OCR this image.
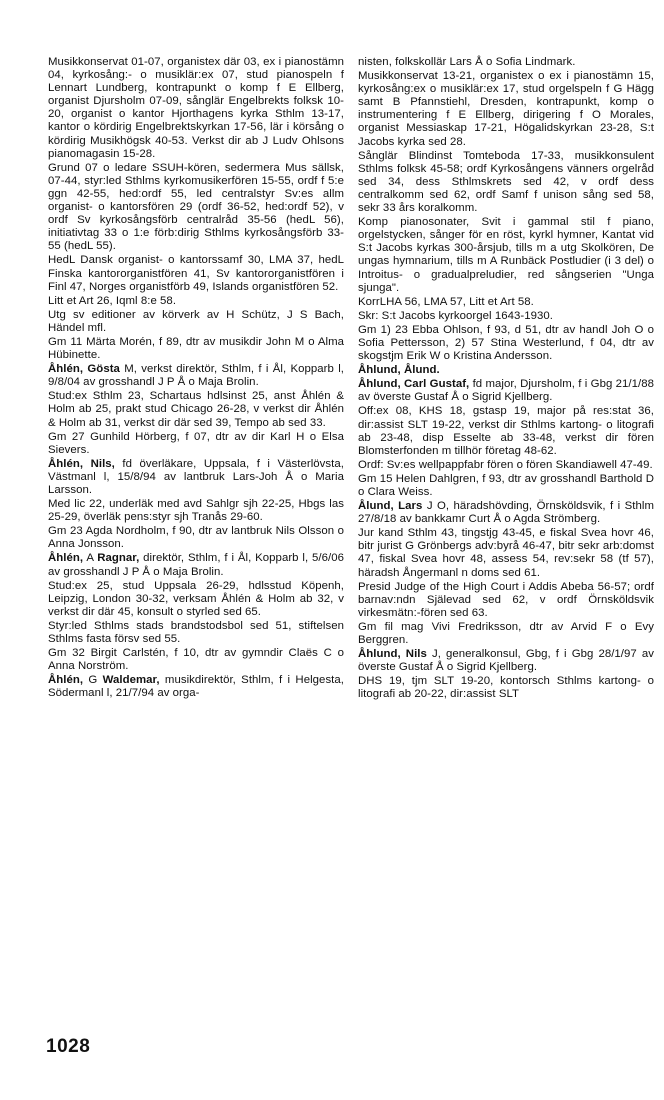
Musikkonservat 01-07, organistex där 03, ex i pianostämn 04, kyrkosång:- o musiklär:ex 07, stud pianospeln f Lennart Lundberg, kontrapunkt o komp f E Ellberg, organist Djursholm 07-09, sånglär Engelbrekts folksk 10-20, organist o kantor Hjorthagens kyrka Sthlm 13-17, kantor o kördirig Engelbrektskyrkan 17-56, lär i körsång o kördirig Musikhögsk 40-53. Verkst dir ab J Ludv Ohlsons pianomagasin 15-28.

Grund 07 o ledare SSUH-kören, sedermera Mus sällsk, 07-44, styr:led Sthlms kyrkomusikerfören 15-55, ordf f 5:e ggn 42-55, hed:ordf 55, led centralstyr Sv:es allm organist- o kantorsfören 29 (ordf 36-52, hed:ordf 52), v ordf Sv kyrkosångsförb centralråd 35-56 (hedL 56), initiativtag 33 o 1:e förb:dirig Sthlms kyrkosångsförb 33-55 (hedL 55).

HedL Dansk organist- o kantorssamf 30, LMA 37, hedL Finska kantororganistfören 41, Sv kantororganistfören i Finl 47, Norges organistförb 49, Islands organistfören 52.

Litt et Art 26, Iqml 8:e 58.

Utg sv editioner av körverk av H Schütz, J S Bach, Händel mfl.

Gm 11 Märta Morén, f 89, dtr av musikdir John M o Alma Hübinette.

Åhlén, Gösta M, verkst direktör, Sthlm, f i Ål, Kopparb l, 9/8/04 av grosshandl J P Å o Maja Brolin.

Stud:ex Sthlm 23, Schartaus hdlsinst 25, anst Åhlén & Holm ab 25, prakt stud Chicago 26-28, v verkst dir Åhlén & Holm ab 31, verkst dir där sed 39, Tempo ab sed 33.

Gm 27 Gunhild Hörberg, f 07, dtr av dir Karl H o Elsa Sievers.

Åhlén, Nils, fd överläkare, Uppsala, f i Västerlövsta, Västmanl l, 15/8/94 av lantbruk Lars-Joh Å o Maria Larsson.

Med lic 22, underläk med avd Sahlgr sjh 22-25, Hbgs las 25-29, överläk pens:styr sjh Tranås 29-60.

Gm 23 Agda Nordholm, f 90, dtr av lantbruk Nils Olsson o Anna Jonsson.

Åhlén, A Ragnar, direktör, Sthlm, f i Ål, Kopparb l, 5/6/06 av grosshandl J P Å o Maja Brolin.

Stud:ex 25, stud Uppsala 26-29, hdlsstud Köpenh, Leipzig, London 30-32, verksam Åhlén & Holm ab 32, v verkst dir där 45, konsult o styrled sed 65.

Styr:led Sthlms stads brandstodsbol sed 51, stiftelsen Sthlms fasta försv sed 55.

Gm 32 Birgit Carlstén, f 10, dtr av gymndir Claës C o Anna Norström.

Åhlén, G Waldemar, musikdirektör, Sthlm, f i Helgesta, Södermanl l, 21/7/94 av orga-

nisten, folkskollär Lars Å o Sofia Lindmark.

Musikkonservat 13-21, organistex o ex i pianostämn 15, kyrkosång:ex o musiklär:ex 17, stud orgelspeln f G Hägg samt B Pfannstiehl, Dresden, kontrapunkt, komp o instrumentering f E Ellberg, dirigering f O Morales, organist Messiaskap 17-21, Högalidskyrkan 23-28, S:t Jacobs kyrka sed 28.

Sånglär Blindinst Tomteboda 17-33, musikkonsulent Sthlms folksk 45-58; ordf Kyrkosångens vänners orgelråd sed 34, dess Sthlmskrets sed 42, v ordf dess centralkomm sed 62, ordf Samf f unison sång sed 58, sekr 33 års koralkomm.

Komp pianosonater, Svit i gammal stil f piano, orgelstycken, sånger för en röst, kyrkl hymner, Kantat vid S:t Jacobs kyrkas 300-årsjub, tills m a utg Skolkören, De ungas hymnarium, tills m A Runbäck Postludier (i 3 del) o Introitus- o gradualpreludier, red sångserien "Unga sjunga".

KorrLHA 56, LMA 57, Litt et Art 58.

Skr: S:t Jacobs kyrkoorgel 1643-1930.

Gm 1) 23 Ebba Ohlson, f 93, d 51, dtr av handl Joh O o Sofia Pettersson, 2) 57 Stina Westerlund, f 04, dtr av skogstjm Erik W o Kristina Andersson.

Åhlund, Ålund.

Åhlund, Carl Gustaf, fd major, Djursholm, f i Gbg 21/1/88 av överste Gustaf Å o Sigrid Kjellberg.

Off:ex 08, KHS 18, gstasp 19, major på res:stat 36, dir:assist SLT 19-22, verkst dir Sthlms kartong- o litografi ab 23-48, disp Esselte ab 33-48, verkst dir fören Blomsterfonden m tillhör företag 48-62.

Ordf: Sv:es wellpappfabr fören o fören Skandiawell 47-49.

Gm 15 Helen Dahlgren, f 93, dtr av grosshandl Barthold D o Clara Weiss.

Ålund, Lars J O, häradshövding, Örnsköldsvik, f i Sthlm 27/8/18 av bankkamr Curt Å o Agda Strömberg.

Jur kand Sthlm 43, tingstjg 43-45, e fiskal Svea hovr 46, bitr jurist G Grönbergs adv:byrå 46-47, bitr sekr arb:domst 47, fiskal Svea hovr 48, assess 54, rev:sekr 58 (tf 57), häradsh Ångermanl n doms sed 61.

Presid Judge of the High Court i Addis Abeba 56-57; ordf barnav:ndn Själevad sed 62, v ordf Örnsköldsvik virkesmätn:-fören sed 63.

Gm fil mag Vivi Fredriksson, dtr av Arvid F o Evy Berggren.

Åhlund, Nils J, generalkonsul, Gbg, f i Gbg 28/1/97 av överste Gustaf Å o Sigrid Kjellberg.

DHS 19, tjm SLT 19-20, kontorsch Sthlms kartong- o litografi ab 20-22, dir:assist SLT

1028
